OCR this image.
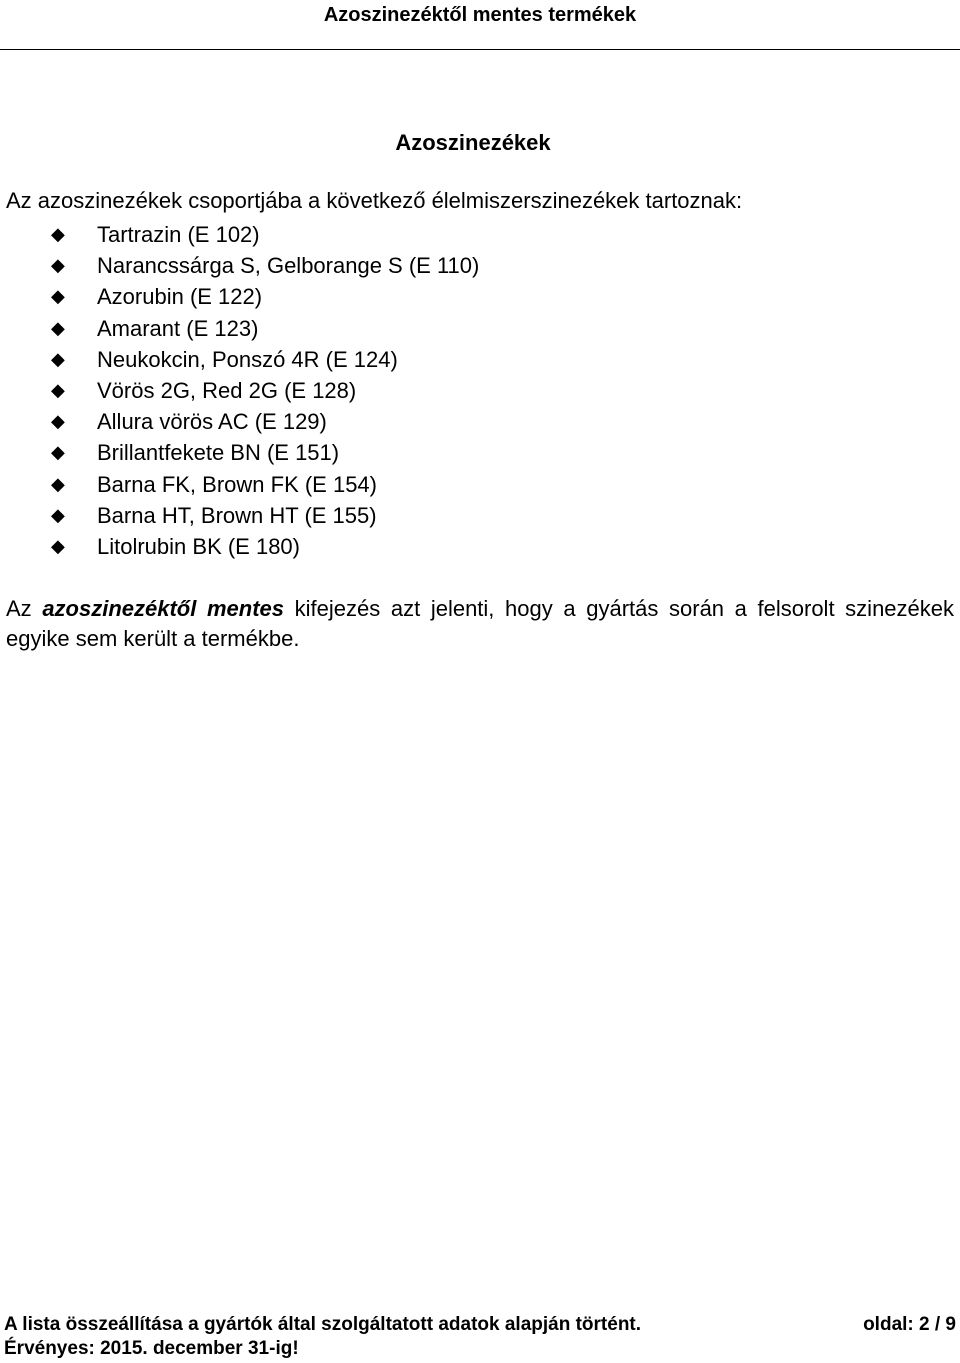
Azoszinezéktől mentes termékek
Azoszinezékek
Az azoszinezékek csoportjába a következő élelmiszerszinezékek tartoznak:
◆ Tartrazin (E 102)
◆ Narancssárga S, Gelborange S (E 110)
◆ Azorubin (E 122)
◆ Amarant (E 123)
◆ Neukokcin, Ponszó 4R (E 124)
◆ Vörös 2G, Red 2G (E 128)
◆ Allura vörös AC (E 129)
◆ Brillantfekete BN (E 151)
◆ Barna FK, Brown FK (E 154)
◆ Barna HT, Brown HT (E 155)
◆ Litolrubin BK (E 180)

Az azoszinezéktől mentes kifejezés azt jelenti, hogy a gyártás során a felsorolt szinezékek egyike sem került a termékbe.

A lista összeállítása a gyártók által szolgáltatott adatok alapján történt.	oldal: 2 / 9
Érvényes: 2015. december 31-ig!
